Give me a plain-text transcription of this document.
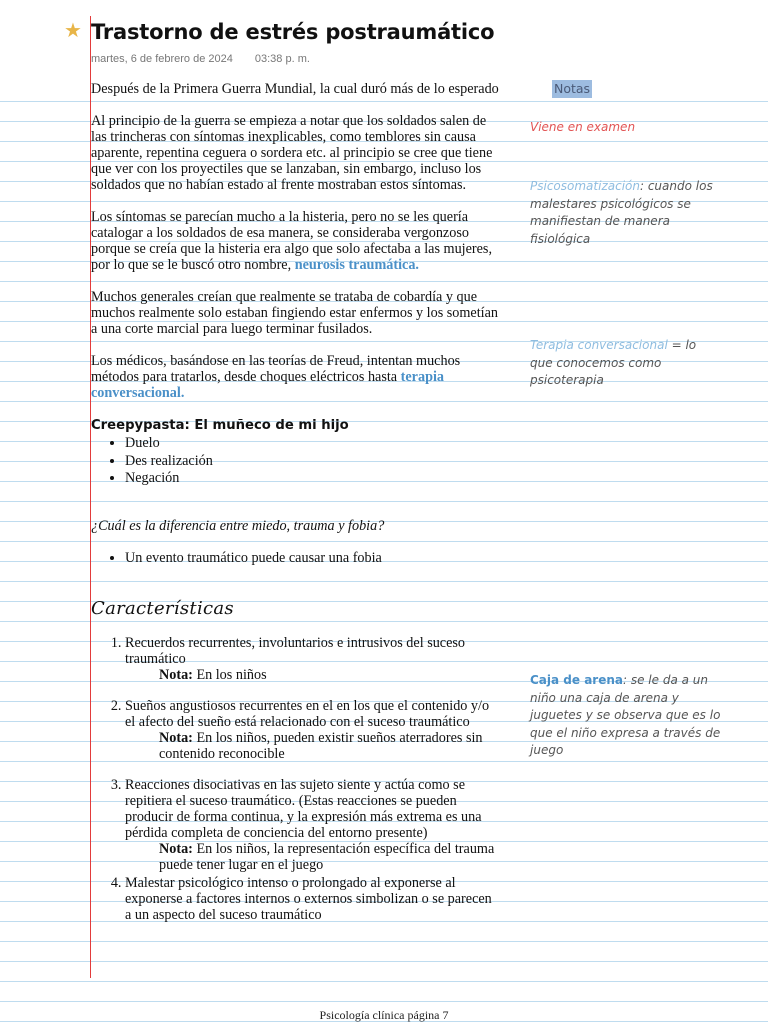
★ Trastorno de estrés postraumático
martes, 6 de febrero de 2024 03:38 p. m.

Después de la Primera Guerra Mundial, la cual duró más de lo esperado

Al principio de la guerra se empieza a notar que los soldados salen de las trincheras con síntomas inexplicables, como temblores sin causa aparente, repentina ceguera o sordera etc. al principio se cree que tiene que ver con los proyectiles que se lanzaban, sin embargo, incluso los soldados que no habían estado al frente mostraban estos síntomas.

Los síntomas se parecían mucho a la histeria, pero no se les quería catalogar a los soldados de esa manera, se consideraba vergonzoso porque se creía que la histeria era algo que solo afectaba a las mujeres, por lo que se le buscó otro nombre, neurosis traumática.

Muchos generales creían que realmente se trataba de cobardía y que muchos realmente solo estaban fingiendo estar enfermos y los sometían a una corte marcial para luego terminar fusilados.

Los médicos, basándose en las teorías de Freud, intentan muchos métodos para tratarlos, desde choques eléctricos hasta terapia conversacional.

Creepypasta: El muñeco de mi hijo
• Duelo
• Des realización
• Negación

¿Cuál es la diferencia entre miedo, trauma y fobia?

• Un evento traumático puede causar una fobia
Características
1. Recuerdos recurrentes, involuntarios e intrusivos del suceso traumático
Nota: En los niños
2. Sueños angustiosos recurrentes en el en los que el contenido y/o el afecto del sueño está relacionado con el suceso traumático
Nota: En los niños, pueden existir sueños aterradores sin contenido reconocible
3. Reacciones disociativas en las sujeto siente y actúa como se repitiera el suceso traumático. (Estas reacciones se pueden producir de forma continua, y la expresión más extrema es una pérdida completa de conciencia del entorno presente)
Nota: En los niños, la representación específica del trauma puede tener lugar en el juego
4. Malestar psicológico intenso o prolongado al exponerse al exponerse a factores internos o externos simbolizan o se parecen a un aspecto del suceso traumático
Notas
Viene en examen
Psicosomatización: cuando los malestares psicológicos se manifiestan de manera fisiológica
Terapia conversacional = lo que conocemos como psicoterapia
Caja de arena: se le da a un niño una caja de arena y juguetes y se observa que es lo que el niño expresa a través de juego
Psicología clínica página 7
